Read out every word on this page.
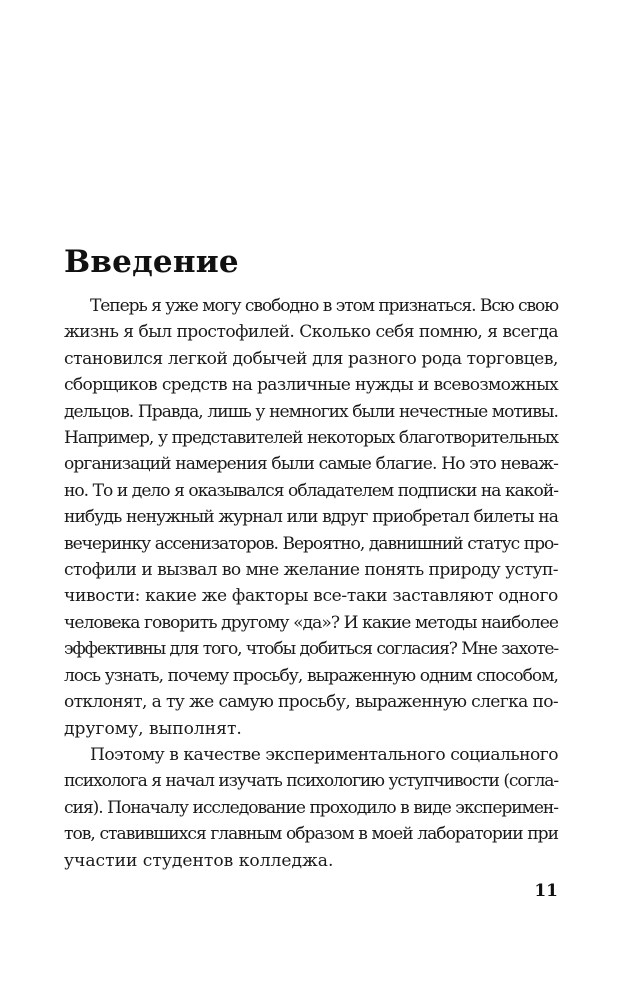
Введение
Теперь я уже могу свободно в этом признаться. Всю свою
жизнь я был простофилей. Сколько себя помню, я всегда
становился легкой добычей для разного рода торговцев,
сборщиков средств на различные нужды и всевозможных
дельцов. Правда, лишь у немногих были нечестные мотивы.
Например, у представителей некоторых благотворительных
организаций намерения были самые благие. Но это неваж-
но. То и дело я оказывался обладателем подписки на какой-
нибудь ненужный журнал или вдруг приобретал билеты на
вечеринку ассенизаторов. Вероятно, давнишний статус про-
стофили и вызвал во мне желание понять природу уступ-
чивости: какие же факторы все-таки заставляют одного
человека говорить другому «да»? И какие методы наиболее
эффективны для того, чтобы добиться согласия? Мне захоте-
лось узнать, почему просьбу, выраженную одним способом,
отклонят, а ту же самую просьбу, выраженную слегка по-
другому, выполнят.
Поэтому в качестве экспериментального социального
психолога я начал изучать психологию уступчивости (согла-
сия). Поначалу исследование проходило в виде эксперимен-
тов, ставившихся главным образом в моей лаборатории при
участии студентов колледжа.
11
